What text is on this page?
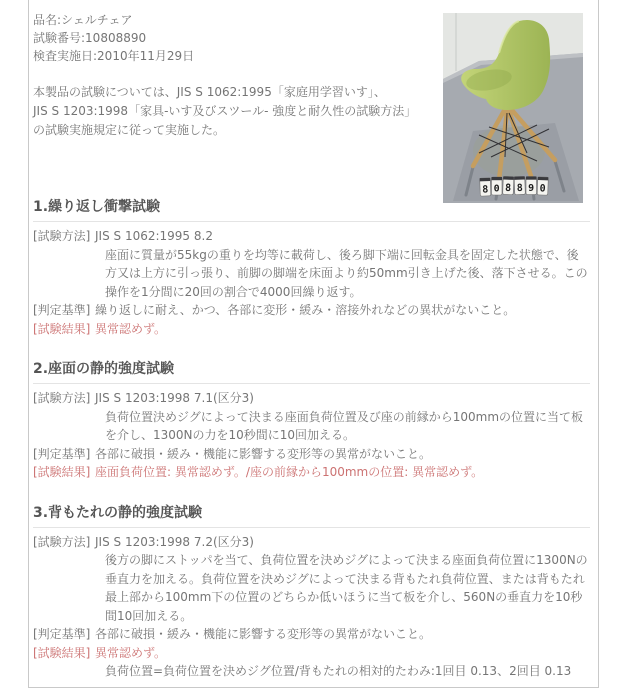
品名:シェルチェア
試験番号:10808890
検査実施日:2010年11月29日
本製品の試験については、JIS S 1062:1995「家庭用学習いす」、
JIS S 1203:1998「家具-いす及びスツール- 強度と耐久性の試験方法」
の試験実施規定に従って実施した。
8 0 8 8 9 0
1.繰り返し衝撃試験
[試験方法] JIS S 1062:1995 8.2
座面に質量が55kgの重りを均等に載荷し、後ろ脚下端に回転金具を固定した状態で、後方又は上方に引っ張り、前脚の脚端を床面より約50mm引き上げた後、落下させる。この操作を1分間に20回の割合で4000回繰り返す。
[判定基準] 繰り返しに耐え、かつ、各部に変形・緩み・溶接外れなどの異状がないこと。
[試験結果] 異常認めず。
2.座面の静的強度試験
[試験方法] JIS S 1203:1998 7.1(区分3)
負荷位置決めジグによって決まる座面負荷位置及び座の前縁から100mmの位置に当て板を介し、1300Nの力を10秒間に10回加える。
[判定基準] 各部に破損・緩み・機能に影響する変形等の異常がないこと。
[試験結果] 座面負荷位置: 異常認めず。/座の前縁から100mmの位置: 異常認めず。
3.背もたれの静的強度試験
[試験方法] JIS S 1203:1998 7.2(区分3)
後方の脚にストッパを当て、負荷位置を決めジグによって決まる座面負荷位置に1300Nの垂直力を加える。負荷位置を決めジグによって決まる背もたれ負荷位置、または背もたれ最上部から100mm下の位置のどちらか低いほうに当て板を介し、560Nの垂直力を10秒間10回加える。
[判定基準] 各部に破損・緩み・機能に影響する変形等の異常がないこと。
[試験結果] 異常認めず。
負荷位置=負荷位置を決めジグ位置/背もたれの相対的たわみ:1回目 0.13、2回目 0.13
